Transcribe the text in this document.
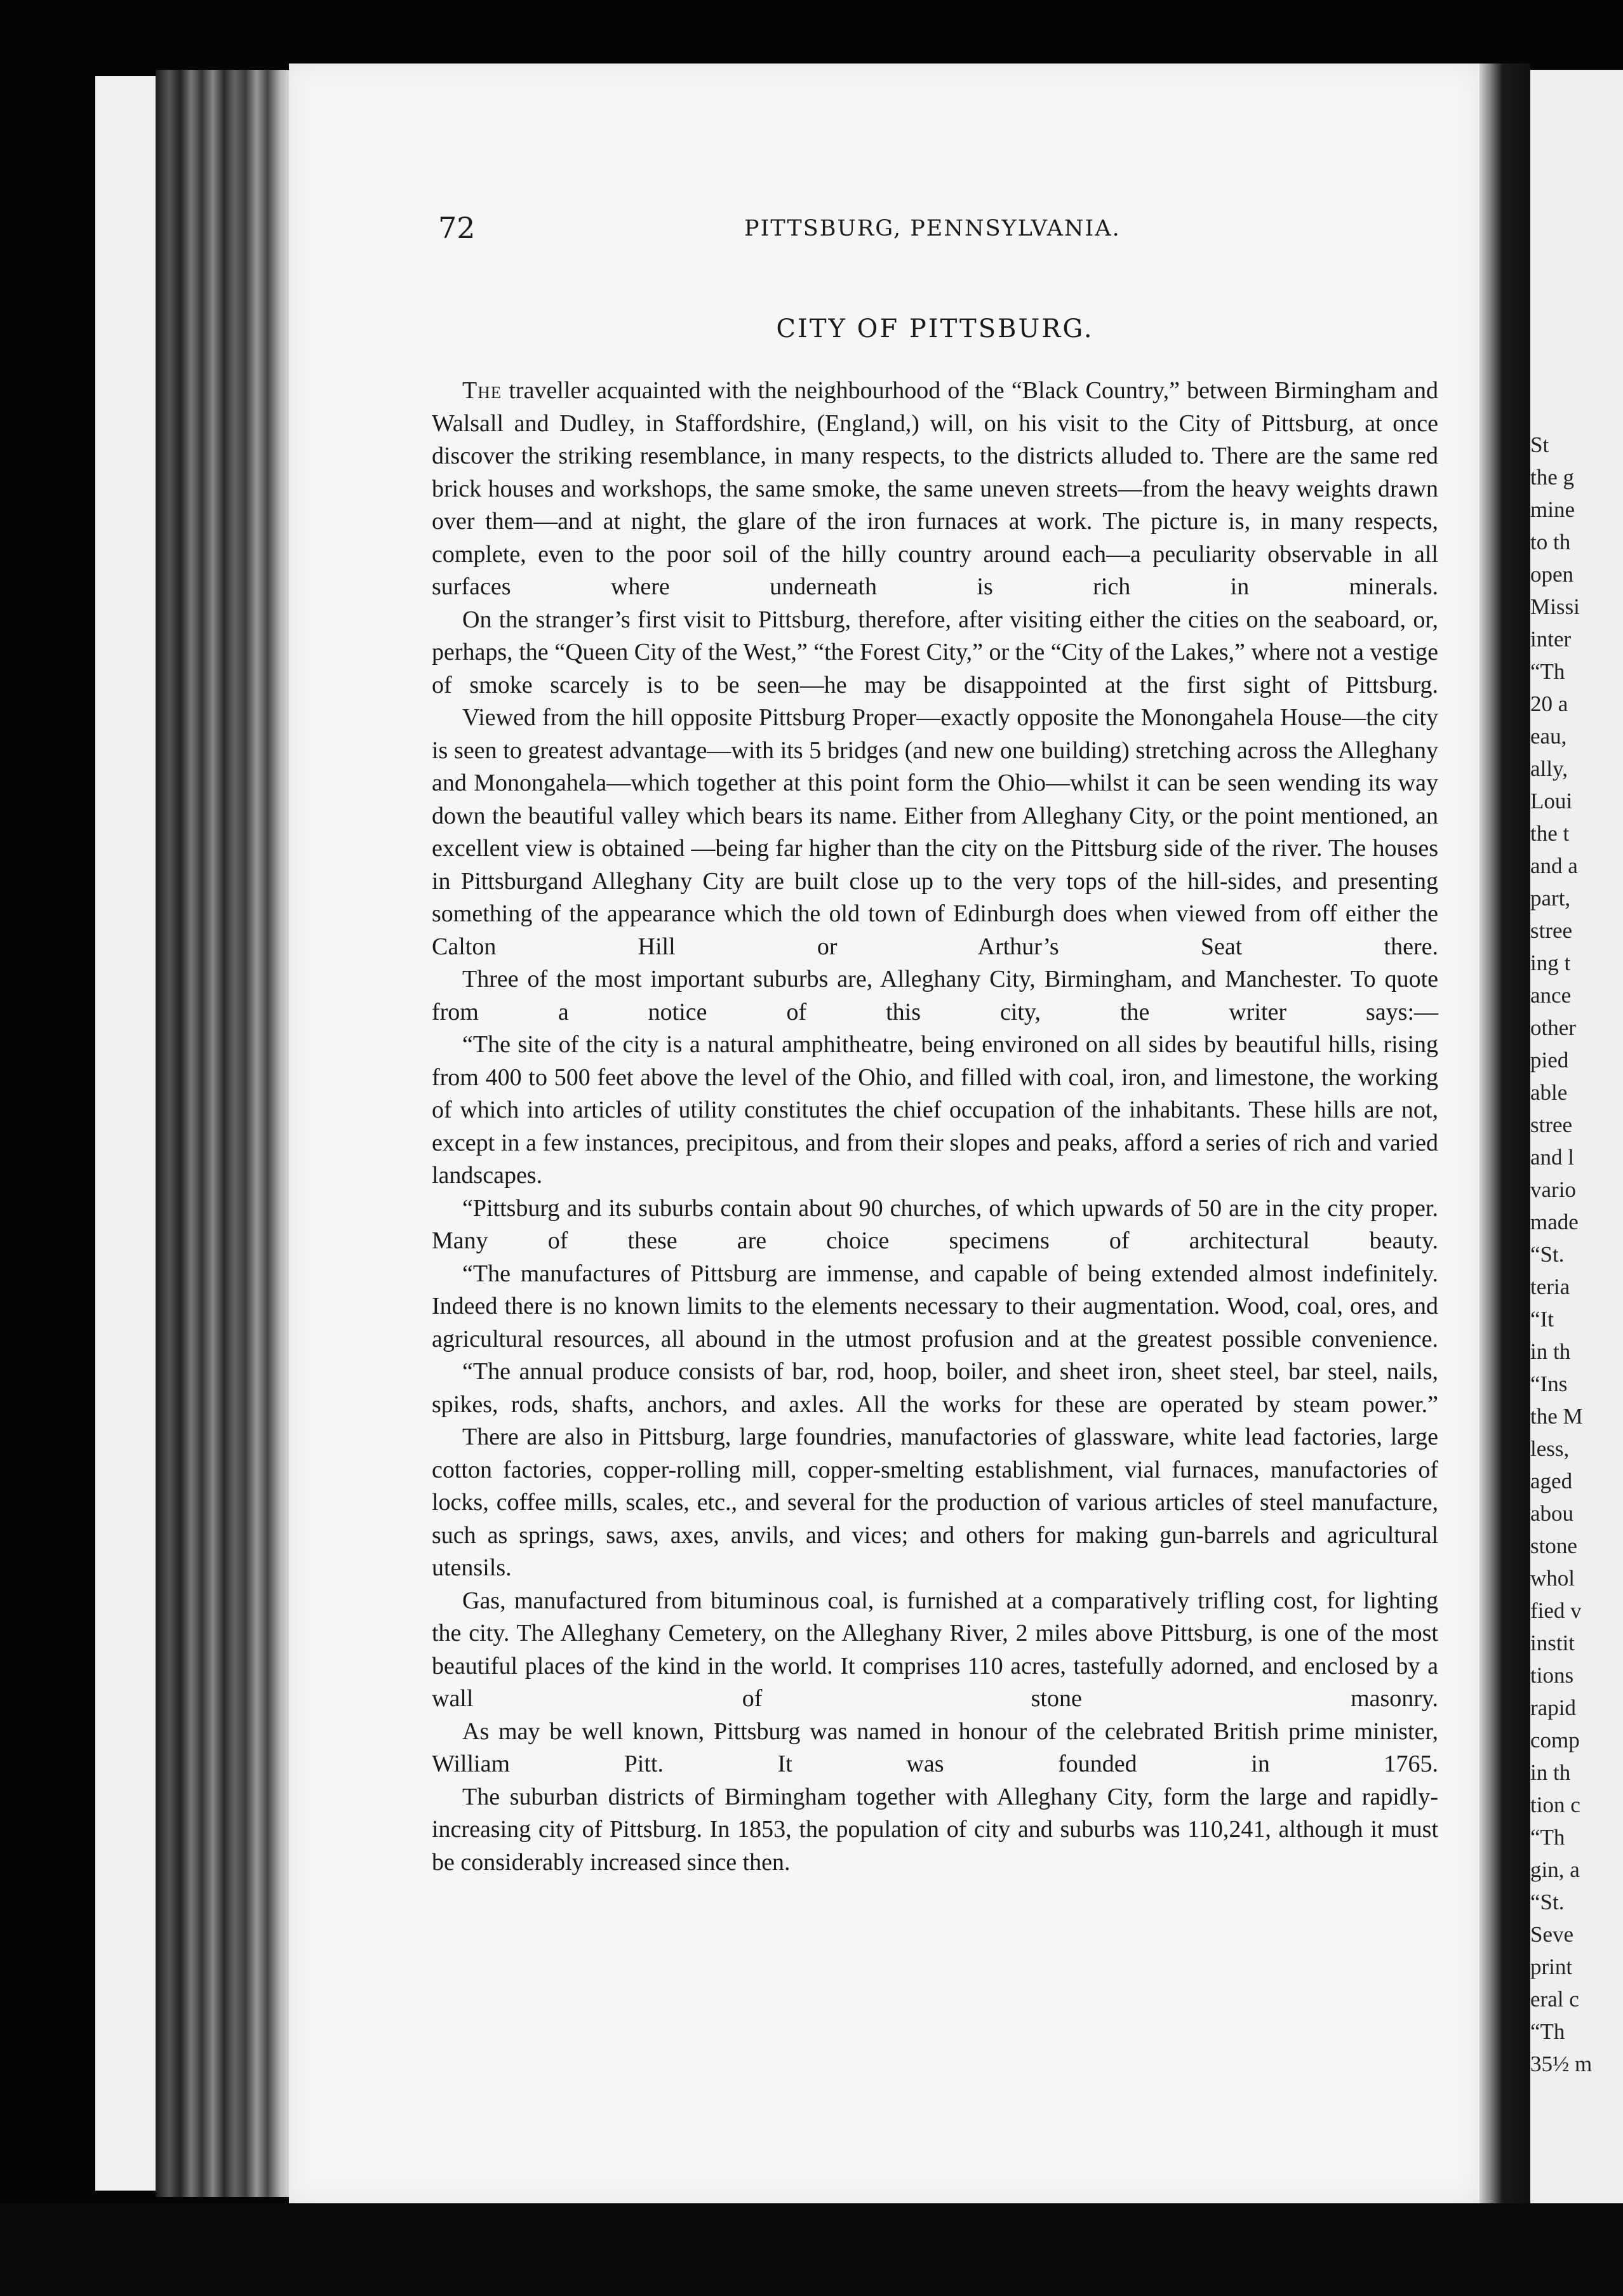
72	PITTSBURG, PENNSYLVANIA.
CITY OF PITTSBURG.

The traveller acquainted with the neighbourhood of the “Black Country,” between Birmingham and Walsall and Dudley, in Staffordshire, (England,) will, on his visit to the City of Pittsburg, at once discover the striking resemblance, in many respects, to the districts alluded to. There are the same red brick houses and workshops, the same smoke, the same uneven streets—from the heavy weights drawn over them—and at night, the glare of the iron furnaces at work. The picture is, in many respects, complete, even to the poor soil of the hilly country around each—a peculiarity observable in all surfaces where underneath is rich in minerals.

On the stranger’s first visit to Pittsburg, therefore, after visiting either the cities on the seaboard, or, perhaps, the “Queen City of the West,” “the Forest City,” or the “City of the Lakes,” where not a vestige of smoke scarcely is to be seen—he may be disappointed at the first sight of Pittsburg.

Viewed from the hill opposite Pittsburg Proper—exactly opposite the Monongahela House—the city is seen to greatest advantage—with its 5 bridges (and new one building) stretching across the Alleghany and Monongahela—which together at this point form the Ohio—whilst it can be seen wending its way down the beautiful valley which bears its name. Either from Alleghany City, or the point mentioned, an excellent view is obtained —being far higher than the city on the Pittsburg side of the river. The houses in Pittsburgand Alleghany City are built close up to the very tops of the hill-sides, and presenting something of the appearance which the old town of Edinburgh does when viewed from off either the Calton Hill or Arthur’s Seat there.

Three of the most important suburbs are, Alleghany City, Birmingham, and Manchester. To quote from a notice of this city, the writer says:—

“The site of the city is a natural amphitheatre, being environed on all sides by beautiful hills, rising from 400 to 500 feet above the level of the Ohio, and filled with coal, iron, and limestone, the working of which into articles of utility constitutes the chief occupation of the inhabitants. These hills are not, except in a few instances, precipitous, and from their slopes and peaks, afford a series of rich and varied landscapes.

“Pittsburg and its suburbs contain about 90 churches, of which upwards of 50 are in the city proper. Many of these are choice specimens of architectural beauty.

“The manufactures of Pittsburg are immense, and capable of being extended almost indefinitely. Indeed there is no known limits to the elements necessary to their augmentation. Wood, coal, ores, and agricultural resources, all abound in the utmost profusion and at the greatest possible convenience.

“The annual produce consists of bar, rod, hoop, boiler, and sheet iron, sheet steel, bar steel, nails, spikes, rods, shafts, anchors, and axles. All the works for these are operated by steam power.”

There are also in Pittsburg, large foundries, manufactories of glassware, white lead factories, large cotton factories, copper-rolling mill, copper-smelting establishment, vial furnaces, manufactories of locks, coffee mills, scales, etc., and several for the production of various articles of steel manufacture, such as springs, saws, axes, anvils, and vices; and others for making gun-barrels and agricultural utensils.

Gas, manufactured from bituminous coal, is furnished at a comparatively trifling cost, for lighting the city. The Alleghany Cemetery, on the Alleghany River, 2 miles above Pittsburg, is one of the most beautiful places of the kind in the world. It comprises 110 acres, tastefully adorned, and enclosed by a wall of stone masonry.

As may be well known, Pittsburg was named in honour of the celebrated British prime minister, William Pitt. It was founded in 1765.

The suburban districts of Birmingham together with Alleghany City, form the large and rapidly-increasing city of Pittsburg. In 1853, the population of city and suburbs was 110,241, although it must be considerably increased since then.

St
the g
mine
to th
open
Missi
inter
“Th
20 a
eau,
ally,
Loui
the t
and a
part,
stree
ing t
ance
other
pied
able
stree
and l
vario
made
“St.
teria
“It
in th
“Ins
the M
less,
aged
abou
stone
whol
fied v
instit
tions
rapid
comp
in th
tion c
“Th
gin, a
“St.
Seve
print
eral c
“Th
35½ m
